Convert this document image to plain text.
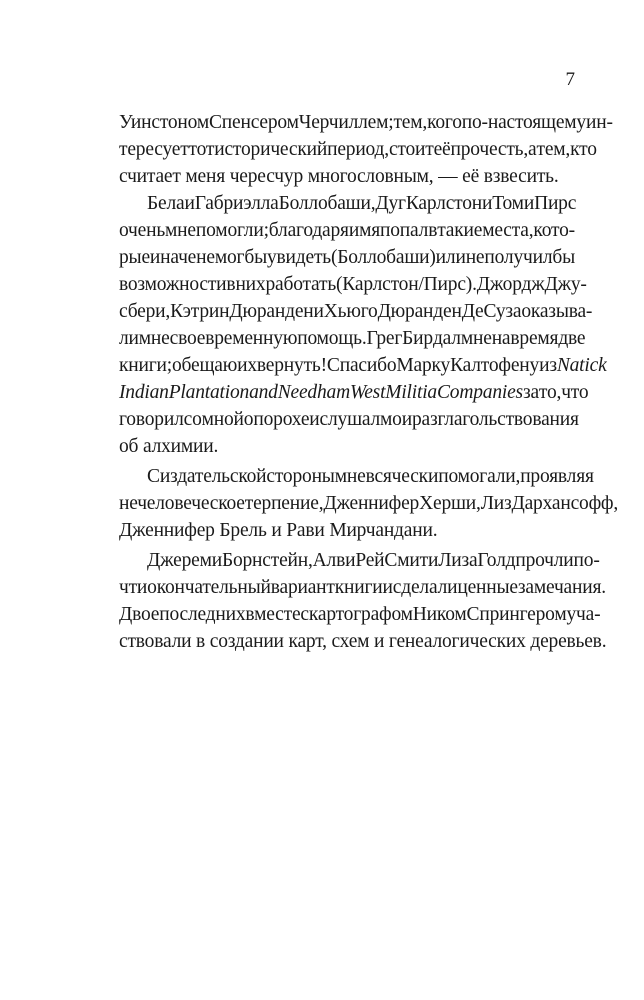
7
Уинстоном Спенсером Черчиллем; тем, кого по-настоящему ин-
тересует тот исторический период, стоит её прочесть, а тем, кто
считает меня чересчур многословным, — её взвесить.
Бела и Габриэлла Боллобаши, Дуг Карлстон и Томи Пирс
очень мне помогли; благодаря им я попал в такие места, кото-
рые иначе не мог бы увидеть (Боллобаши) или не получил бы
возможности в них работать (Карлстон/Пирс). Джордж Джу-
сбери, Кэтрин Дюранден и Хьюго Дюранден ДеСуза оказыва-
ли мне своевременную помощь. Грег Бир дал мне на время две
книги; обещаю их вернуть! Спасибо Марку Калтофену из Natick
Indian Plantation and Needham West Militia Companies за то, что
говорил со мной о порохе и слушал мои разглагольствования
об алхимии.
С издательской стороны мне всячески помогали, проявляя
нечеловеческое терпение, Дженнифер Херши, Лиз Дархансофф,
Дженнифер Брель и Рави Мирчандани.
Джереми Борнстейн, Алви Рей Смит и Лиза Голд прочли по-
чти окончательный вариант книги и сделали ценные замечания.
Двое последних вместе с картографом Ником Спрингером уча-
ствовали в создании карт, схем и генеалогических деревьев.
